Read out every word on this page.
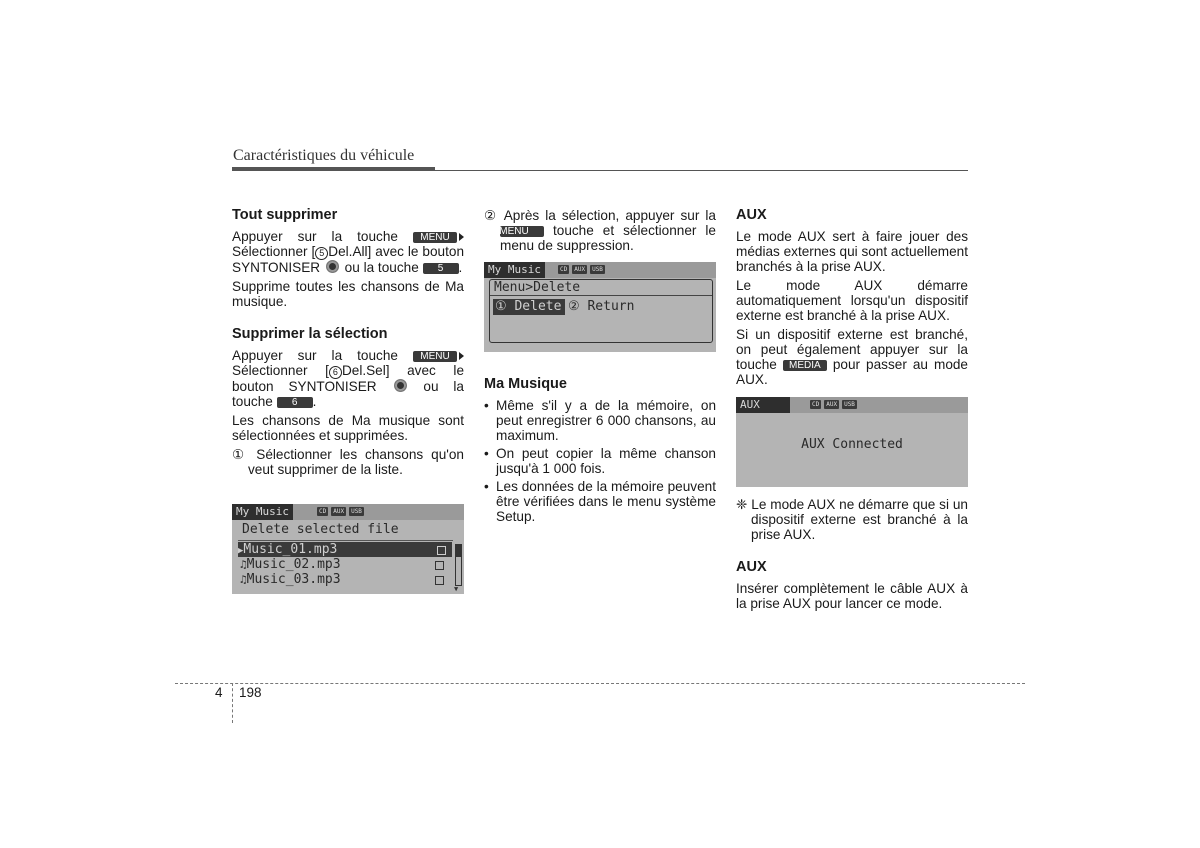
Caractéristiques du véhicule
Tout supprimer

Appuyer sur la touche MENU Sélectionner [ 5 Del.All] avec le bouton SYNTONISER  ou la touche 5 .

Supprime toutes les chansons de Ma musique.

Supprimer la sélection

Appuyer sur la touche MENU Sélectionner [ 6 Del.Sel] avec le bouton SYNTONISER  ou la touche 6 .

Les chansons de Ma musique sont sélectionnées et supprimées.

① Sélectionner les chansons qu'on veut supprimer de la liste.

My Music	CD	AUX	USB
Delete selected file
▶Music_01.mp3
♫Music_02.mp3
♫Music_03.mp3
▼

② Après la sélection, appuyer sur la MENU touche et sélectionner le menu de suppression.

My Music	CD	AUX	USB
Menu>Delete
① Delete ② Return
Ma Musique
• Même s'il y a de la mémoire, on peut enregistrer 6 000 chansons, au maximum.
• On peut copier la même chanson jusqu'à 1 000 fois.
• Les données de la mémoire peuvent être vérifiées dans le menu système Setup.
AUX

Le mode AUX sert à faire jouer des médias externes qui sont actuellement branchés à la prise AUX.

Le mode AUX démarre automatiquement lorsqu'un dispositif externe est branché à la prise AUX.

Si un dispositif externe est branché, on peut également appuyer sur la touche MEDIA pour passer au mode AUX.

AUX	CD	AUX	USB
AUX Connected

❈ Le mode AUX ne démarre que si un dispositif externe est branché à la prise AUX.

AUX

Insérer complètement le câble AUX à la prise AUX pour lancer ce mode.

4 198
